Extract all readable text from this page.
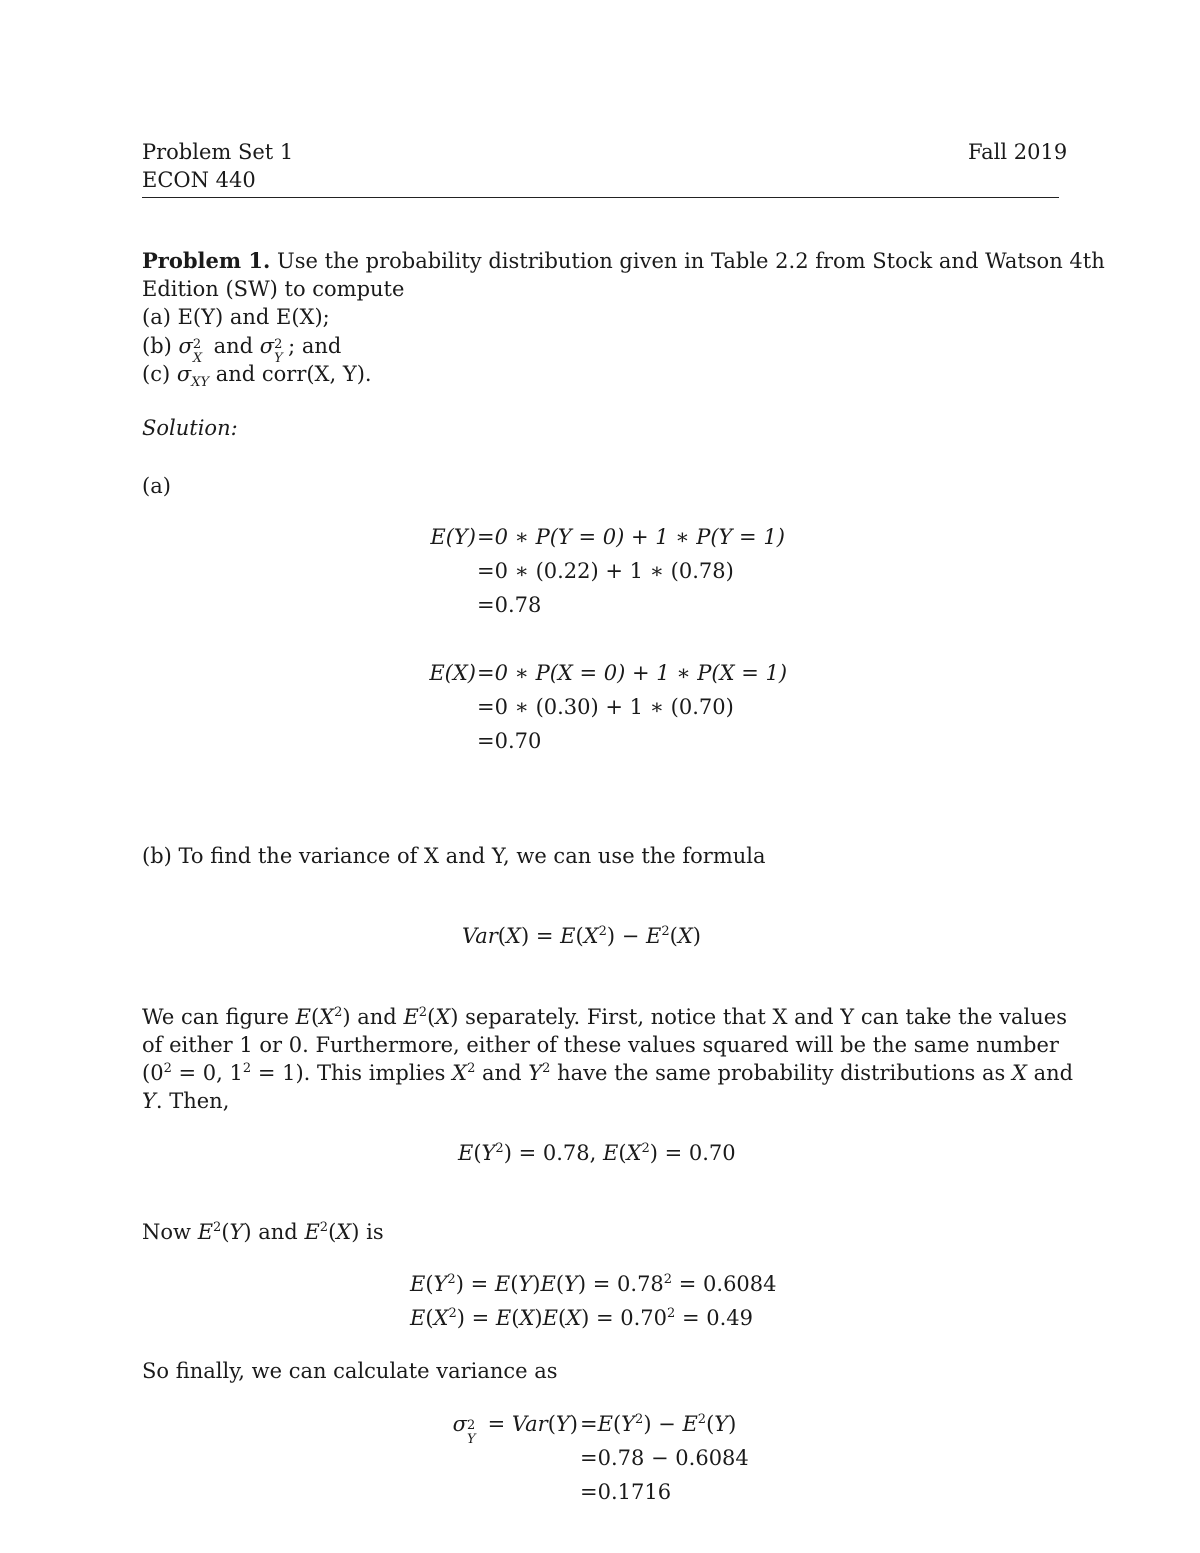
Problem Set 1
ECON 440
Fall 2019
Problem 1. Use the probability distribution given in Table 2.2 from Stock and Watson 4th
Edition (SW) to compute
(a) E(Y) and E(X);
(b) σ 2
X
and σ 2
Y
; and
(c) $\sigma_{XY}$ and corr(X, Y).
Solution:
(a)
E(Y) =0 ∗ P(Y = 0) + 1 ∗ P(Y = 1)
=0 ∗ (0.22) + 1 ∗ (0.78)
=0.78
E(X) =0 ∗ P(X = 0) + 1 ∗ P(X = 1)
=0 ∗ (0.30) + 1 ∗ (0.70)
=0.70
(b) To find the variance of X and Y, we can use the formula
$Var(X) = E(X^2) - E^2(X)$
We can figure $E(X^2)$ and $E^2(X)$ separately. First, notice that X and Y can take the values
of either 1 or 0. Furthermore, either of these values squared will be the same number
($0^2 = 0$, $1^2 = 1$). This implies $X^2$ and $Y^2$ have the same probability distributions as X and
Y. Then,
$E(Y^2) = 0.78$, $E(X^2) = 0.70$
Now $E^2(Y)$ and $E^2(X)$ is
$E(Y^2) = E(Y)E(Y) = 0.78^2 = 0.6084$
$E(X^2) = E(X)E(X) = 0.70^2 = 0.49$
So finally, we can calculate variance as
σ 2
Y
= $Var(Y) =E(Y^2) - E^2(Y)$
=0.78 − 0.6084
=0.1716
